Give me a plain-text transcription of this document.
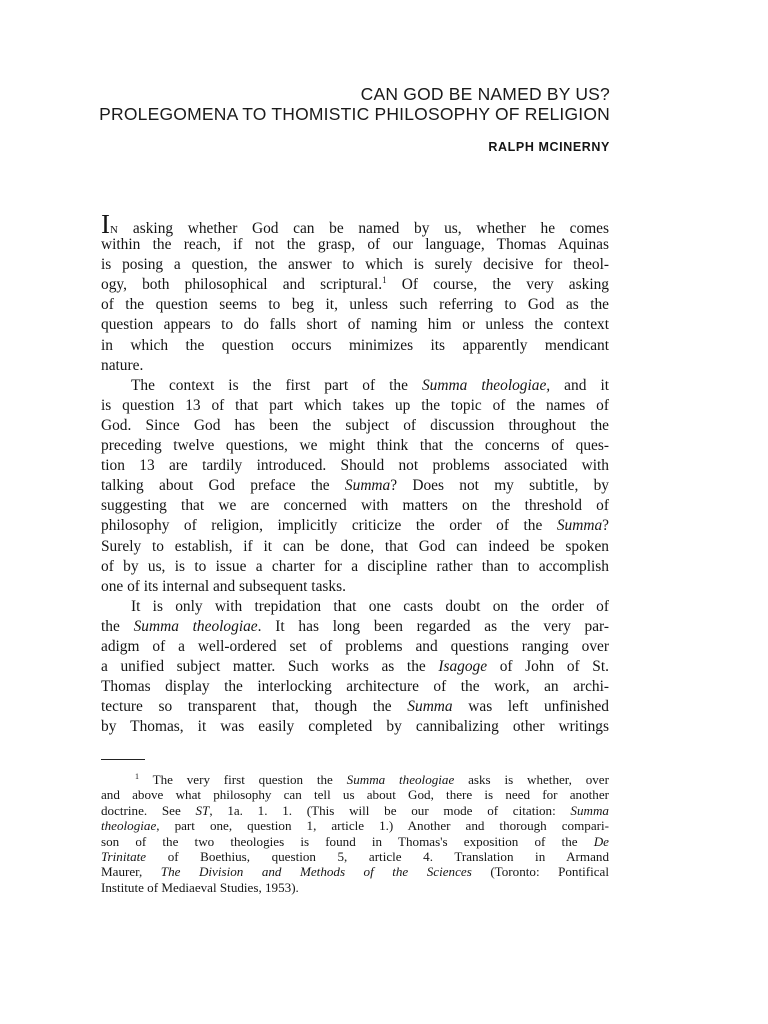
CAN GOD BE NAMED BY US?
PROLEGOMENA TO THOMISTIC PHILOSOPHY OF RELIGION
RALPH MCINERNY
IN asking whether God can be named by us, whether he comes
within the reach, if not the grasp, of our language, Thomas Aquinas
is posing a question, the answer to which is surely decisive for theol-
ogy, both philosophical and scriptural.$^1$ Of course, the very asking
of the question seems to beg it, unless such referring to God as the
question appears to do falls short of naming him or unless the context
in which the question occurs minimizes its apparently mendicant
nature.
The context is the first part of the Summa theologiae, and it
is question 13 of that part which takes up the topic of the names of
God. Since God has been the subject of discussion throughout the
preceding twelve questions, we might think that the concerns of ques-
tion 13 are tardily introduced. Should not problems associated with
talking about God preface the Summa? Does not my subtitle, by
suggesting that we are concerned with matters on the threshold of
philosophy of religion, implicitly criticize the order of the Summa?
Surely to establish, if it can be done, that God can indeed be spoken
of by us, is to issue a charter for a discipline rather than to accomplish
one of its internal and subsequent tasks.
It is only with trepidation that one casts doubt on the order of
the Summa theologiae. It has long been regarded as the very par-
adigm of a well-ordered set of problems and questions ranging over
a unified subject matter. Such works as the Isagoge of John of St.
Thomas display the interlocking architecture of the work, an archi-
tecture so transparent that, though the Summa was left unfinished
by Thomas, it was easily completed by cannibalizing other writings
$^1$ The very first question the Summa theologiae asks is whether, over
and above what philosophy can tell us about God, there is need for another
doctrine. See ST, 1a. 1. 1. (This will be our mode of citation: Summa
theologiae, part one, question 1, article 1.) Another and thorough compari-
son of the two theologies is found in Thomas's exposition of the De
Trinitate of Boethius, question 5, article 4. Translation in Armand
Maurer, The Division and Methods of the Sciences (Toronto: Pontifical
Institute of Mediaeval Studies, 1953).
